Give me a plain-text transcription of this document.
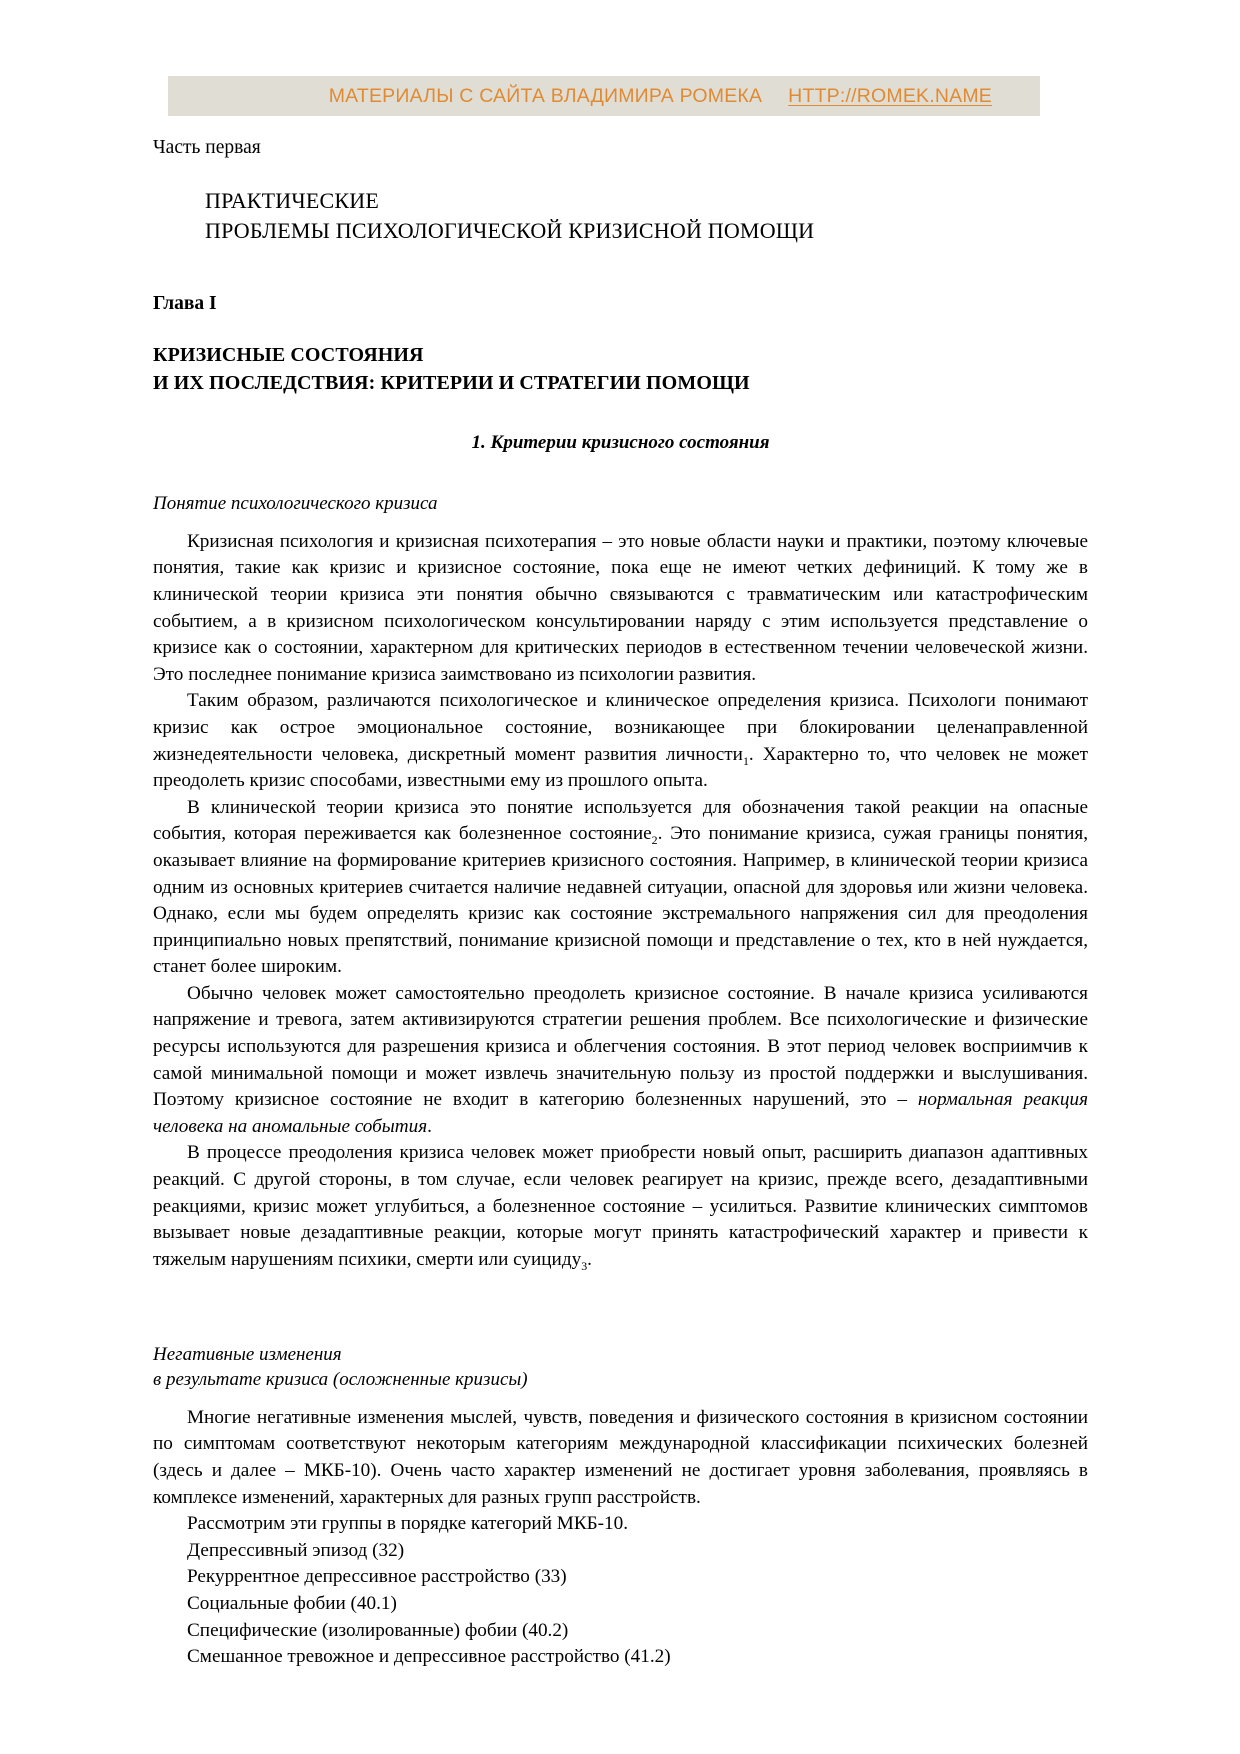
МАТЕРИАЛЫ С САЙТА ВЛАДИМИРА РОМЕКА HTTP://ROMEK.NAME
Часть первая
ПРАКТИЧЕСКИЕ
ПРОБЛЕМЫ ПСИХОЛОГИЧЕСКОЙ КРИЗИСНОЙ ПОМОЩИ
Глава I
КРИЗИСНЫЕ СОСТОЯНИЯ
И ИХ ПОСЛЕДСТВИЯ: КРИТЕРИИ И СТРАТЕГИИ ПОМОЩИ
1. Критерии кризисного состояния
Понятие психологического кризиса

Кризисная психология и кризисная психотерапия – это новые области науки и практики, поэтому ключевые понятия, такие как кризис и кризисное состояние, пока еще не имеют четких дефиниций. К тому же в клинической теории кризиса эти понятия обычно связываются с травматическим или катастрофическим событием, а в кризисном психологическом консультировании наряду с этим используется представление о кризисе как о состоянии, характерном для критических периодов в естественном течении человеческой жизни. Это последнее понимание кризиса заимствовано из психологии развития.

Таким образом, различаются психологическое и клиническое определения кризиса. Психологи понимают кризис как острое эмоциональное состояние, возникающее при блокировании целенаправленной жизнедеятельности человека, дискретный момент развития личности$_1$. Характерно то, что человек не может преодолеть кризис способами, известными ему из прошлого опыта.

В клинической теории кризиса это понятие используется для обозначения такой реакции на опасные события, которая переживается как болезненное состояние$_2$. Это понимание кризиса, сужая границы понятия, оказывает влияние на формирование критериев кризисного состояния. Например, в клинической теории кризиса одним из основных критериев считается наличие недавней ситуации, опасной для здоровья или жизни человека. Однако, если мы будем определять кризис как состояние экстремального напряжения сил для преодоления принципиально новых препятствий, понимание кризисной помощи и представление о тех, кто в ней нуждается, станет более широким.

Обычно человек может самостоятельно преодолеть кризисное состояние. В начале кризиса усиливаются напряжение и тревога, затем активизируются стратегии решения проблем. Все психологические и физические ресурсы используются для разрешения кризиса и облегчения состояния. В этот период человек восприимчив к самой минимальной помощи и может извлечь значительную пользу из простой поддержки и выслушивания. Поэтому кризисное состояние не входит в категорию болезненных нарушений, это – нормальная реакция человека на аномальные события.

В процессе преодоления кризиса человек может приобрести новый опыт, расширить диапазон адаптивных реакций. С другой стороны, в том случае, если человек реагирует на кризис, прежде всего, дезадаптивными реакциями, кризис может углубиться, а болезненное состояние – усилиться. Развитие клинических симптомов вызывает новые дезадаптивные реакции, которые могут принять катастрофический характер и привести к тяжелым нарушениям психики, смерти или суициду$_3$.

Негативные изменения
в результате кризиса (осложненные кризисы)

Многие негативные изменения мыслей, чувств, поведения и физического состояния в кризисном состоянии по симптомам соответствуют некоторым категориям международной классификации психических болезней (здесь и далее – МКБ-10). Очень часто характер изменений не достигает уровня заболевания, проявляясь в комплексе изменений, характерных для разных групп расстройств.

Рассмотрим эти группы в порядке категорий МКБ-10.

Депрессивный эпизод (32)

Рекуррентное депрессивное расстройство (33)

Социальные фобии (40.1)

Специфические (изолированные) фобии (40.2)

Смешанное тревожное и депрессивное расстройство (41.2)
